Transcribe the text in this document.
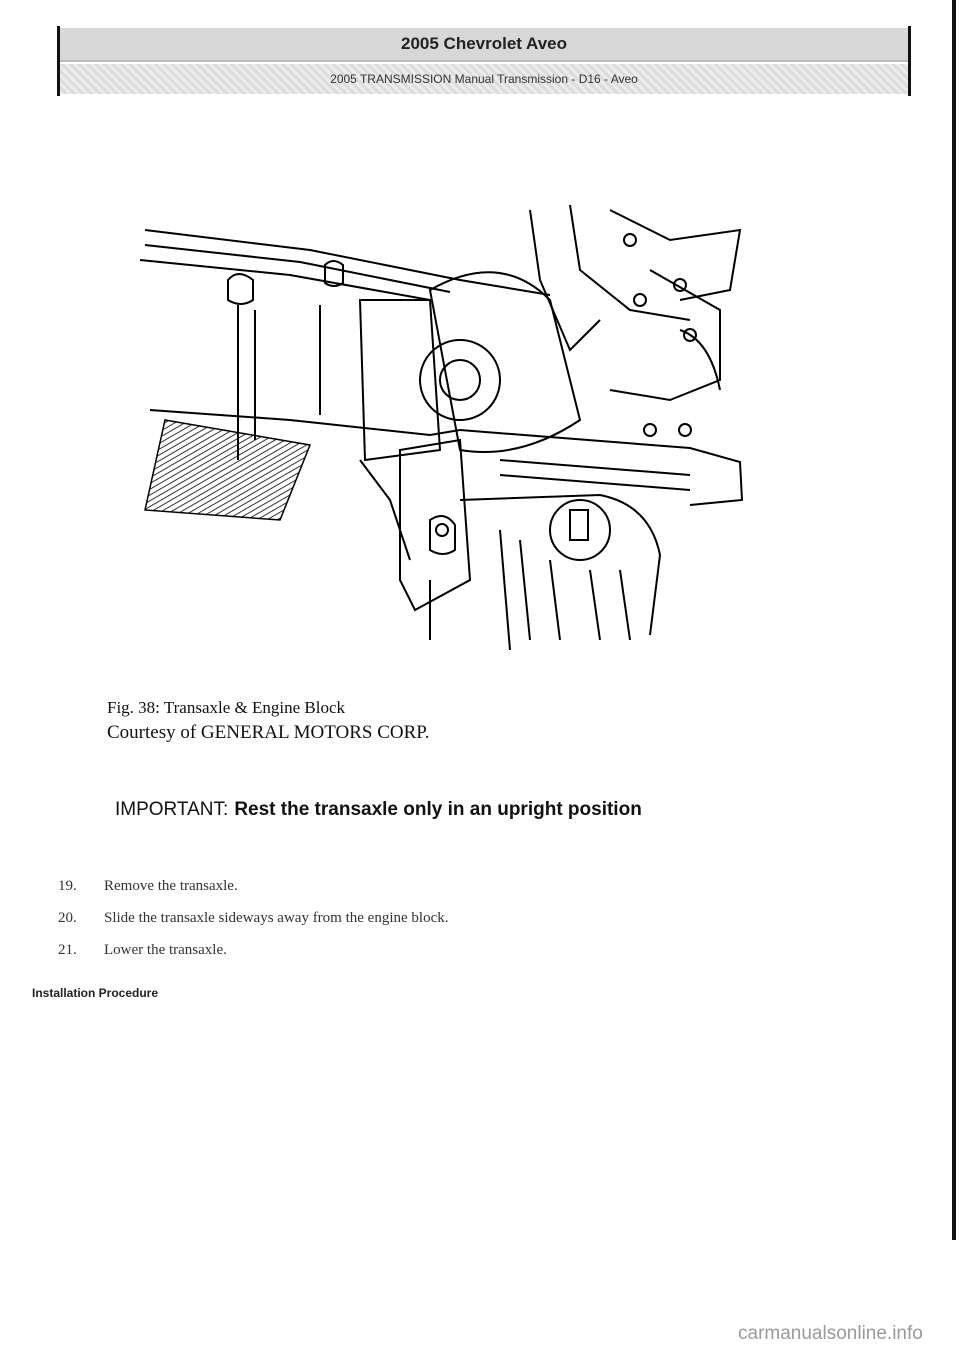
2005 Chevrolet Aveo
2005 TRANSMISSION Manual Transmission - D16 - Aveo
Fig. 38: Transaxle & Engine Block
Courtesy of GENERAL MOTORS CORP.
IMPORTANT: Rest the transaxle only in an upright position
19.	Remove the transaxle.
20.	Slide the transaxle sideways away from the engine block.
21.	Lower the transaxle.
Installation Procedure
carmanualsonline.info
